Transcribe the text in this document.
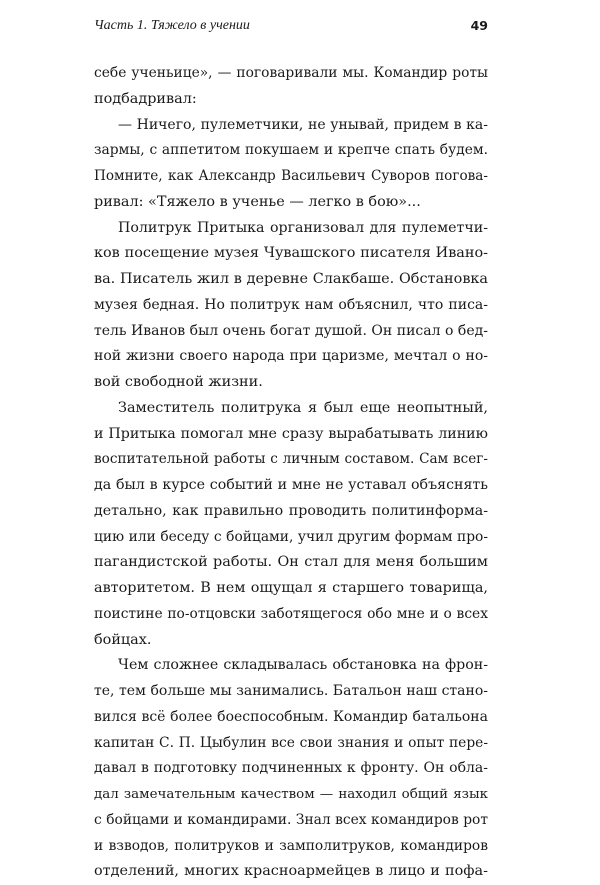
Часть 1. Тяжело в учении	49
себе ученьице», — поговаривали мы. Командир роты
подбадривал:
— Ничего, пулеметчики, не унывай, придем в ка-
зармы, с аппетитом покушаем и крепче спать будем.
Помните, как Александр Васильевич Суворов погова-
ривал: «Тяжело в ученье — легко в бою»...
Политрук Притыка организовал для пулеметчи-
ков посещение музея Чувашского писателя Ивано-
ва. Писатель жил в деревне Слакбаше. Обстановка
музея бедная. Но политрук нам объяснил, что писа-
тель Иванов был очень богат душой. Он писал о бед-
ной жизни своего народа при царизме, мечтал о но-
вой свободной жизни.
Заместитель политрука я был еще неопытный,
и Притыка помогал мне сразу вырабатывать линию
воспитательной работы с личным составом. Сам всег-
да был в курсе событий и мне не уставал объяснять
детально, как правильно проводить политинформа-
цию или беседу с бойцами, учил другим формам про-
пагандистской работы. Он стал для меня большим
авторитетом. В нем ощущал я старшего товарища,
поистине по-отцовски заботящегося обо мне и о всех
бойцах.
Чем сложнее складывалась обстановка на фрон-
те, тем больше мы занимались. Батальон наш стано-
вился всё более боеспособным. Командир батальона
капитан С. П. Цыбулин все свои знания и опыт пере-
давал в подготовку подчиненных к фронту. Он обла-
дал замечательным качеством — находил общий язык
с бойцами и командирами. Знал всех командиров рот
и взводов, политруков и замполитруков, командиров
отделений, многих красноармейцев в лицо и пофа-
